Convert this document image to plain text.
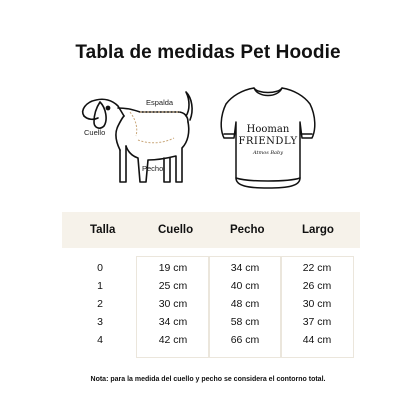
Tabla de medidas Pet Hoodie
Espalda
Cuello
Pecho
Hooman
FRIENDLY
Atmos Baby
Talla	Cuello	Pecho	Largo
0	19 cm	34 cm	22 cm
1	25 cm	40 cm	26 cm
2	30 cm	48 cm	30 cm
3	34 cm	58 cm	37 cm
4	42 cm	66 cm	44 cm
Nota: para la medida del cuello y pecho se considera el contorno total.
